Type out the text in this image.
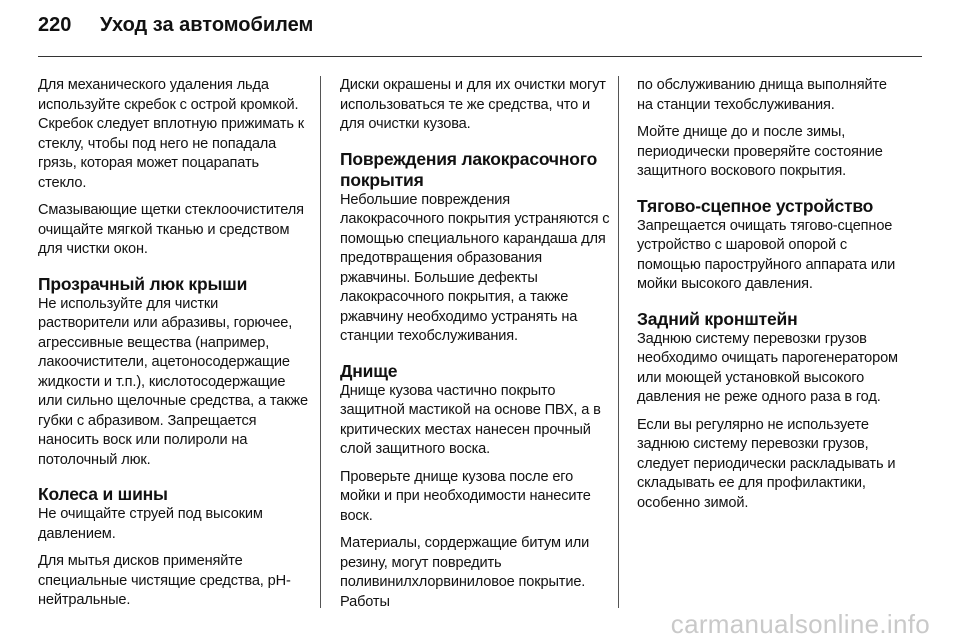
220	Уход за автомобилем

Для механического удаления льда используйте скребок с острой кромкой. Скребок следует вплотную прижимать к стеклу, чтобы под него не попадала грязь, которая может поцарапать стекло.

Смазывающие щетки стеклоочистителя очищайте мягкой тканью и средством для чистки окон.

Прозрачный люк крыши

Не используйте для чистки растворители или абразивы, горючее, агрессивные вещества (например, лакоочистители, ацетоносодержащие жидкости и т.п.), кислотосодержащие или сильно щелочные средства, а также губки с абразивом. Запрещается наносить воск или полироли на потолочный люк.

Колеса и шины

Не очищайте струей под высоким давлением.

Для мытья дисков применяйте специальные чистящие средства, pH-нейтральные.

Диски окрашены и для их очистки могут использоваться те же средства, что и для очистки кузова.

Повреждения лакокрасочного покрытия

Небольшие повреждения лакокрасочного покрытия устраняются с помощью специального карандаша для предотвращения образования ржавчины. Большие дефекты лакокрасочного покрытия, а также ржавчину необходимо устранять на станции техобслуживания.

Днище

Днище кузова частично покрыто защитной мастикой на основе ПВХ, а в критических местах нанесен прочный слой защитного воска.

Проверьте днище кузова после его мойки и при необходимости нанесите воск.

Материалы, сордержащие битум или резину, могут повредить поливинилхлорвиниловое покрытие. Работы

по обслуживанию днища выполняйте на станции техобслуживания.

Мойте днище до и после зимы, периодически проверяйте состояние защитного воскового покрытия.

Тягово-сцепное устройство

Запрещается очищать тягово-сцепное устройство с шаровой опорой с помощью пароструйного аппарата или мойки высокого давления.

Задний кронштейн

Заднюю систему перевозки грузов необходимо очищать парогенератором или моющей установкой высокого давления не реже одного раза в год.

Если вы регулярно не используете заднюю систему перевозки грузов, следует периодически раскладывать и складывать ее для профилактики, особенно зимой.

carmanualsonline.info
